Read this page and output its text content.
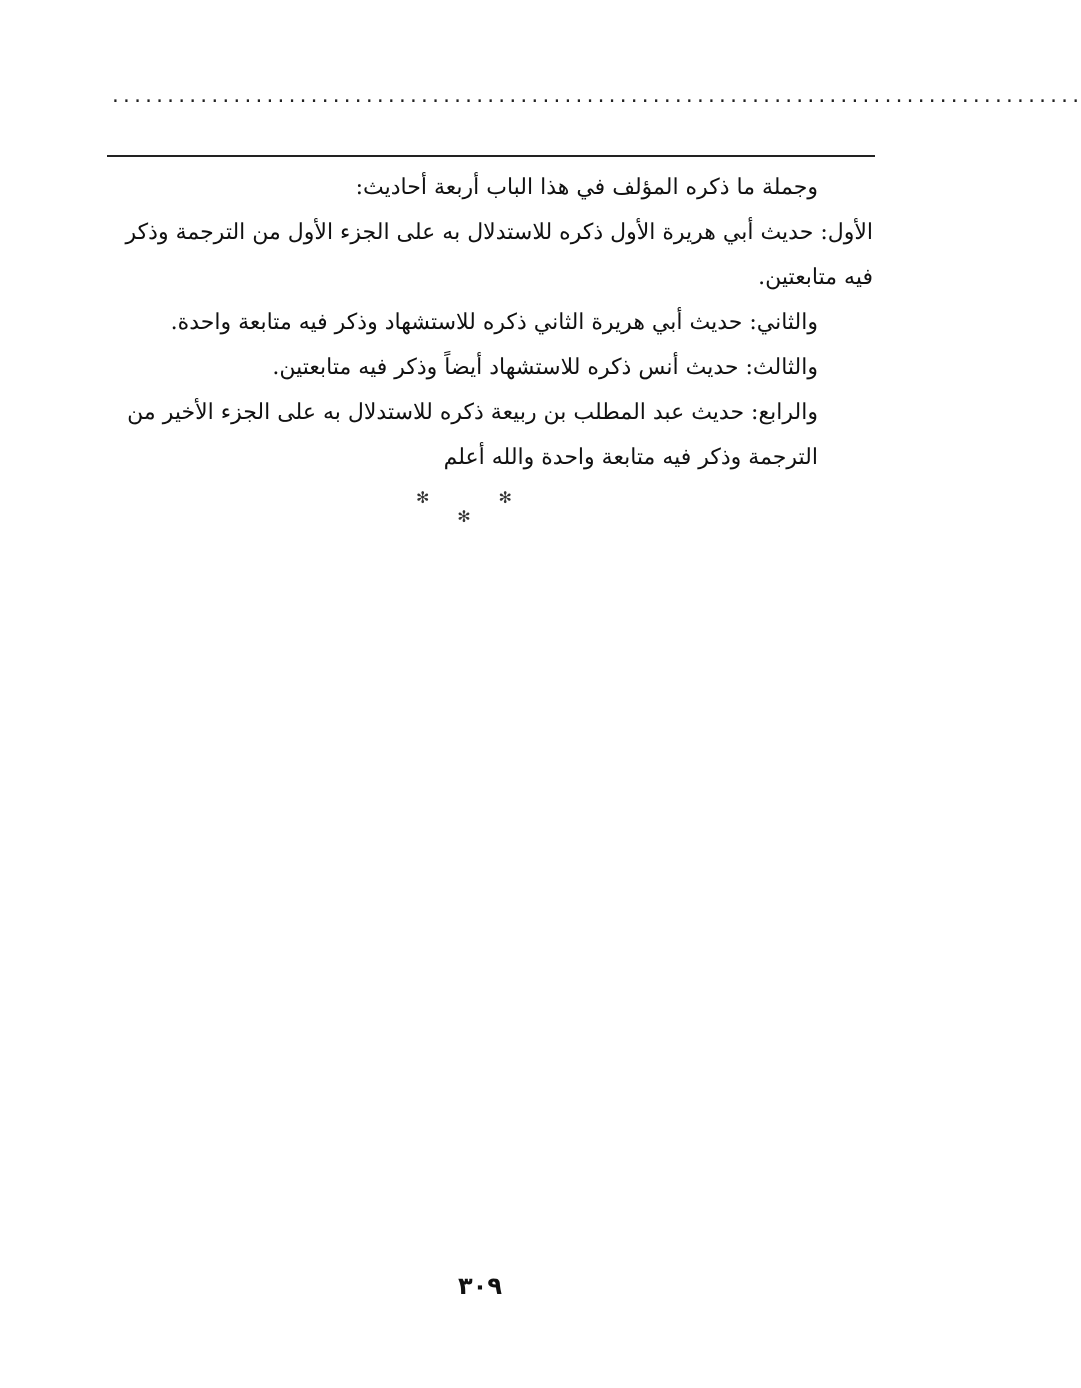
........................................................................................

وجملة ما ذكره المؤلف في هذا الباب أربعة أحاديث:

الأول: حديث أبي هريرة الأول ذكره للاستدلال به على الجزء الأول من الترجمة وذكر فيه متابعتين.

والثاني: حديث أبي هريرة الثاني ذكره للاستشهاد وذكر فيه متابعة واحدة.

والثالث: حديث أنس ذكره للاستشهاد أيضاً وذكر فيه متابعتين.

والرابع: حديث عبد المطلب بن ربيعة ذكره للاستدلال به على الجزء الأخير من الترجمة وذكر فيه متابعة واحدة والله أعلم

✻ ✻ ✻
٣٠٩
